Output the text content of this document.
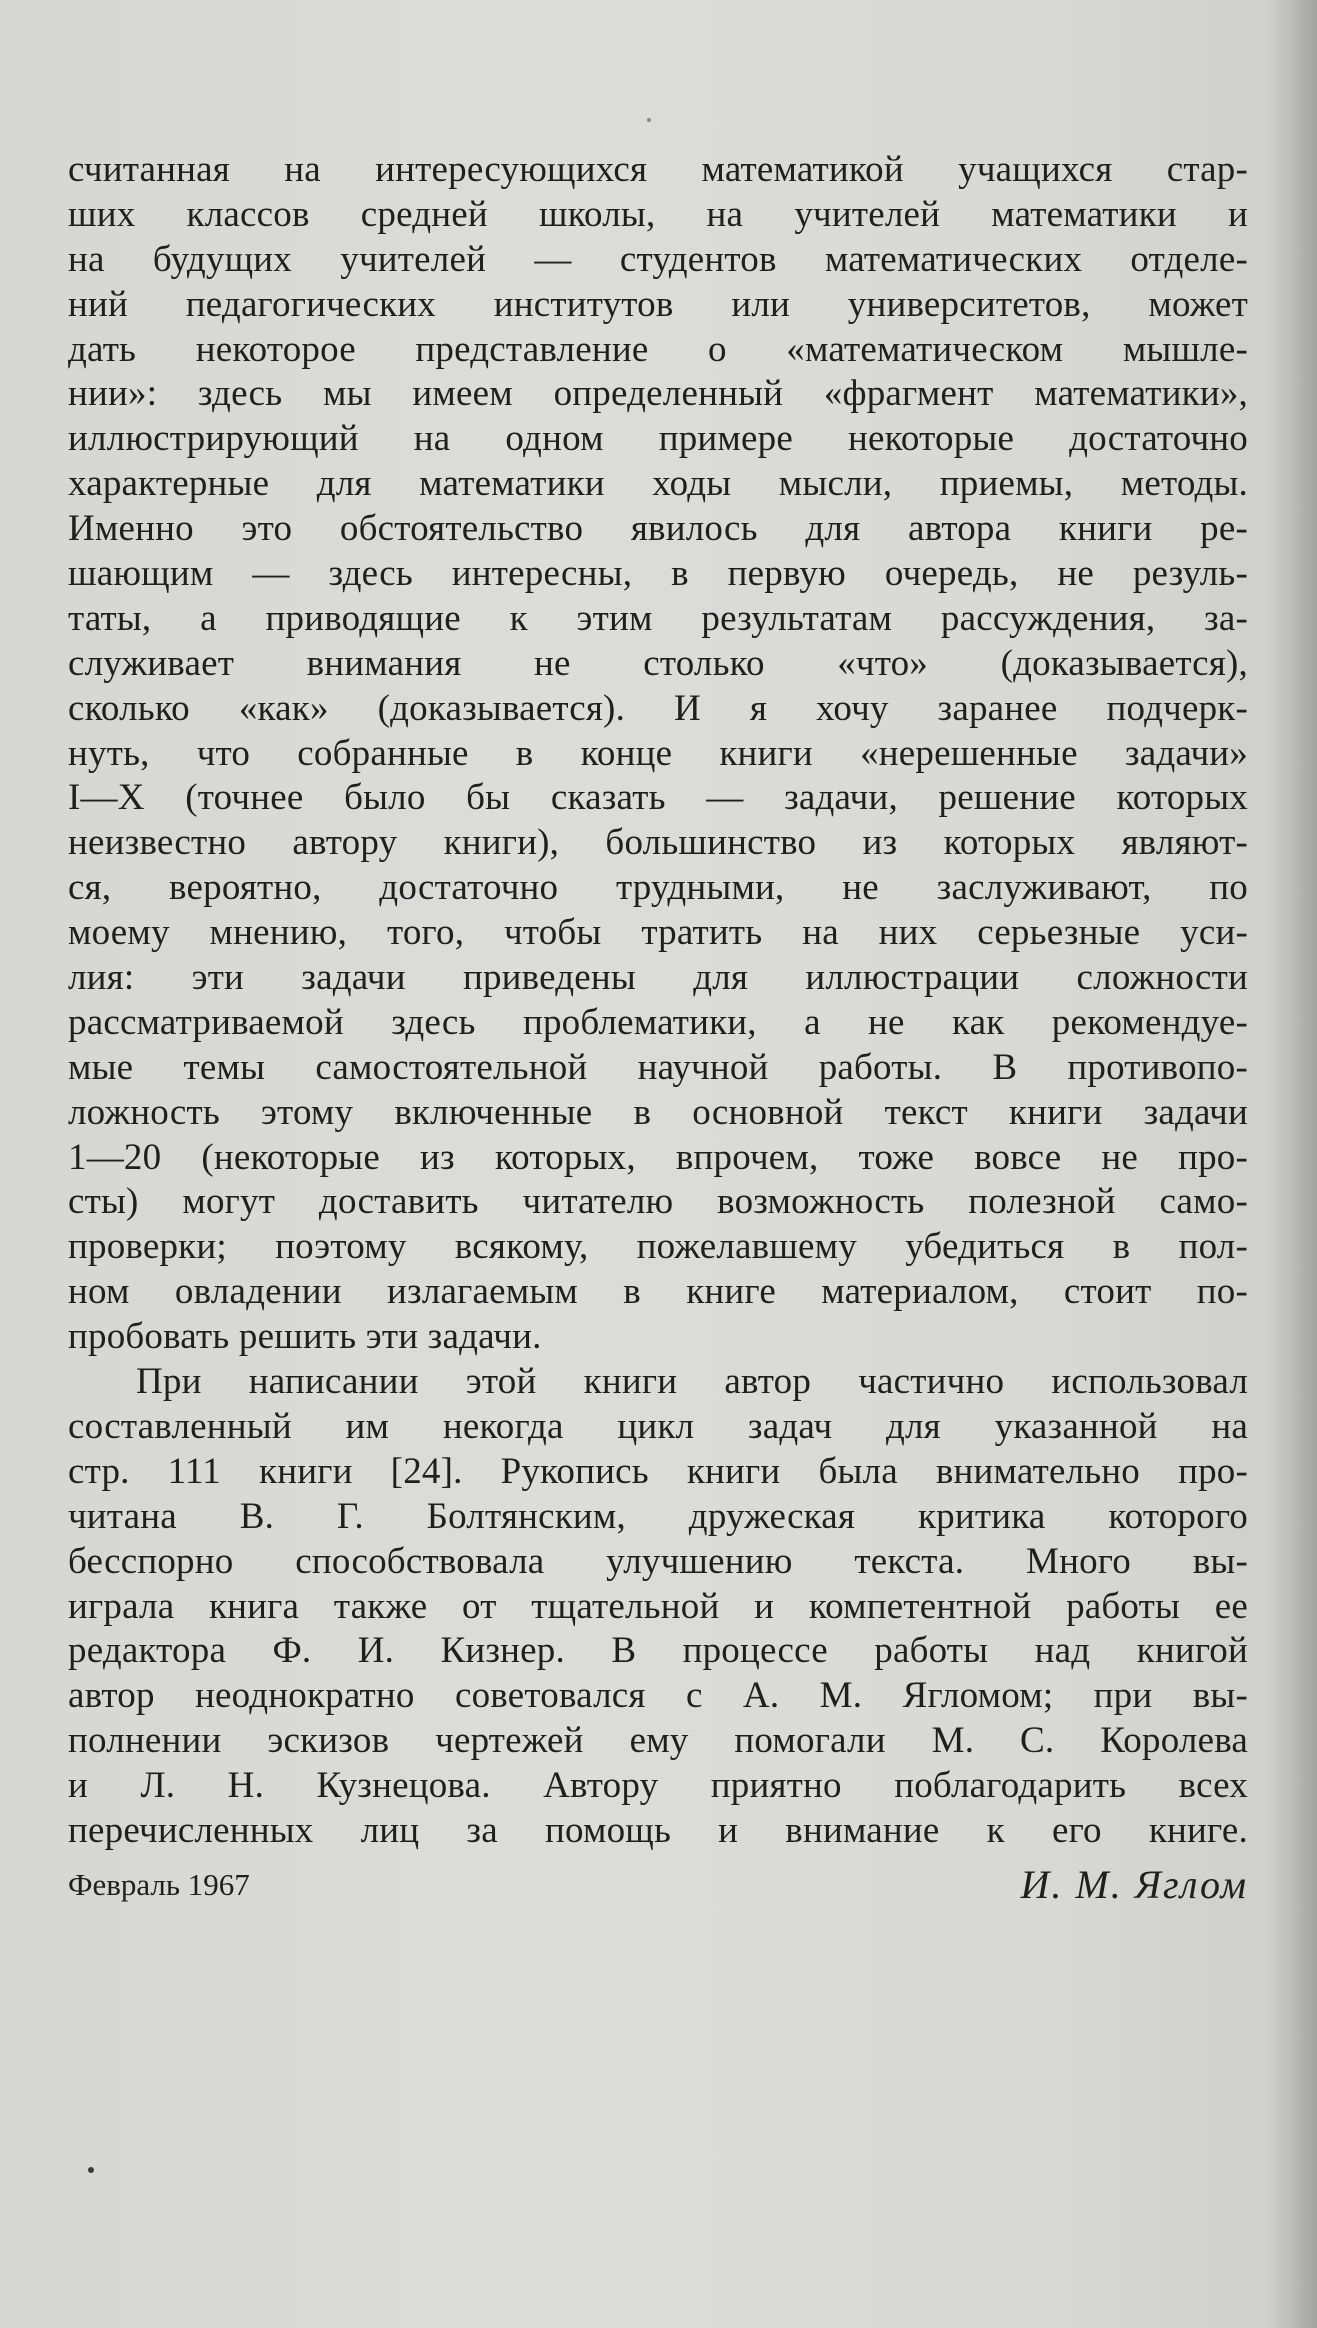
считанная на интересующихся математикой учащихся стар-
ших классов средней школы, на учителей математики и
на будущих учителей — студентов математических отделе-
ний педагогических институтов или университетов, может
дать некоторое представление о «математическом мышле-
нии»: здесь мы имеем определенный «фрагмент математики»,
иллюстрирующий на одном примере некоторые достаточно
характерные для математики ходы мысли, приемы, методы.
Именно это обстоятельство явилось для автора книги ре-
шающим — здесь интересны, в первую очередь, не резуль-
таты, а приводящие к этим результатам рассуждения, за-
служивает внимания не столько «что» (доказывается),
сколько «как» (доказывается). И я хочу заранее подчерк-
нуть, что собранные в конце книги «нерешенные задачи»
I—X (точнее было бы сказать — задачи, решение которых
неизвестно автору книги), большинство из которых являют-
ся, вероятно, достаточно трудными, не заслуживают, по
моему мнению, того, чтобы тратить на них серьезные уси-
лия: эти задачи приведены для иллюстрации сложности
рассматриваемой здесь проблематики, а не как рекомендуе-
мые темы самостоятельной научной работы. В противопо-
ложность этому включенные в основной текст книги задачи
1—20 (некоторые из которых, впрочем, тоже вовсе не про-
сты) могут доставить читателю возможность полезной само-
проверки; поэтому всякому, пожелавшему убедиться в пол-
ном овладении излагаемым в книге материалом, стоит по-
пробовать решить эти задачи.
При написании этой книги автор частично использовал
составленный им некогда цикл задач для указанной на
стр. 111 книги [24]. Рукопись книги была внимательно про-
читана В. Г. Болтянским, дружеская критика которого
бесспорно способствовала улучшению текста. Много вы-
играла книга также от тщательной и компетентной работы ее
редактора Ф. И. Кизнер. В процессе работы над книгой
автор неоднократно советовался с А. М. Ягломом; при вы-
полнении эскизов чертежей ему помогали М. С. Королева
и Л. Н. Кузнецова. Автору приятно поблагодарить всех
перечисленных лиц за помощь и внимание к его книге.
Февраль 1967	И. М. Яглом
